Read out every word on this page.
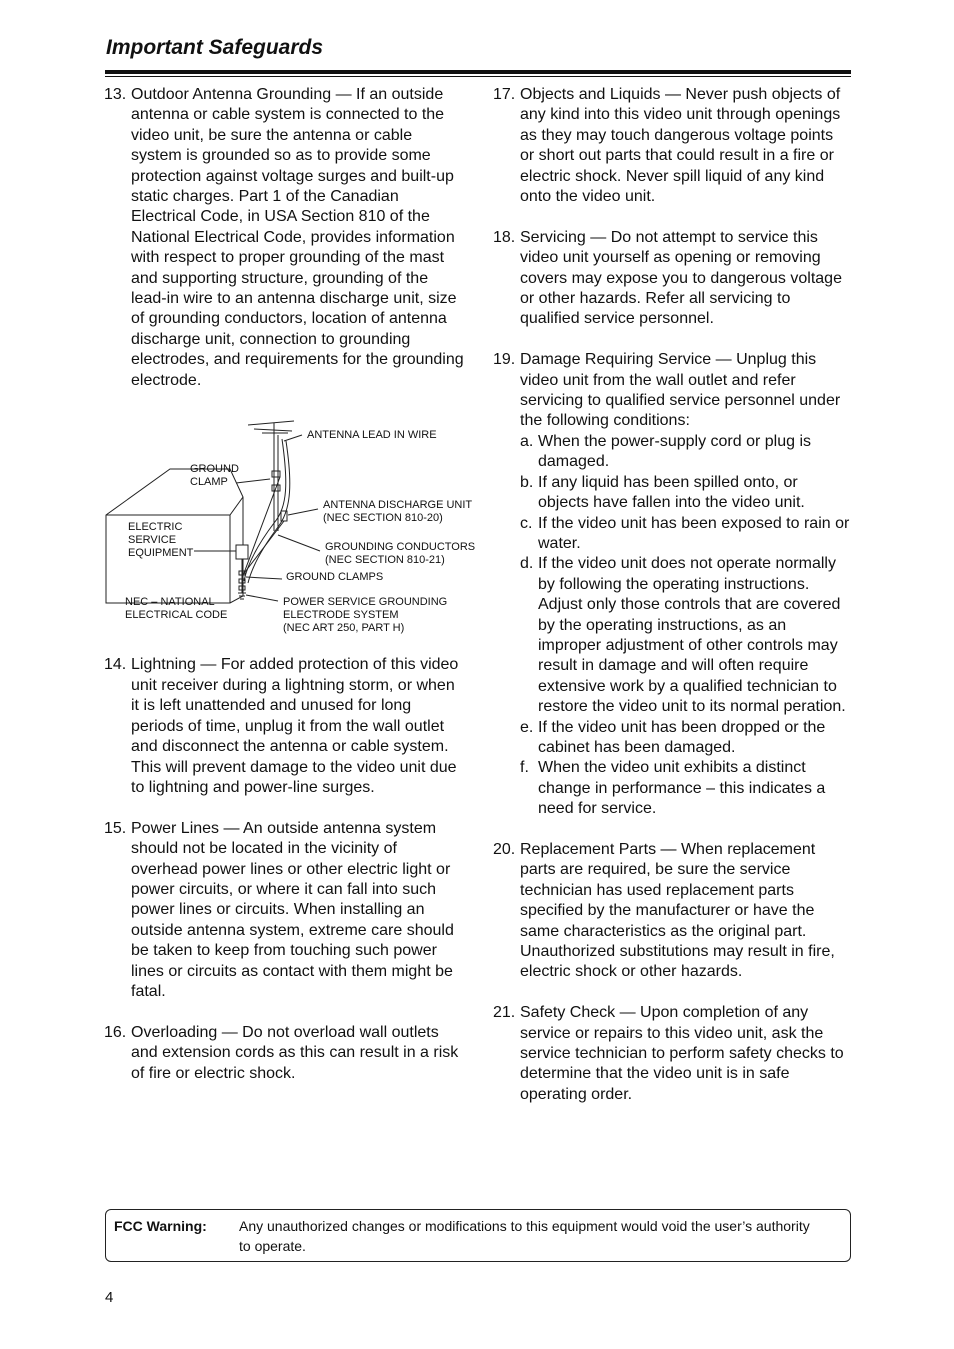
Important Safeguards
13. Outdoor Antenna Grounding — If an outside antenna or cable system is connected to the video unit, be sure the antenna or cable system is grounded so as to provide some protection against voltage surges and built-up static charges. Part 1 of the Canadian Electrical Code, in USA Section 810 of the National Electrical Code, provides information with respect to proper grounding of the mast and supporting structure, grounding of the lead-in wire to an antenna discharge unit, size of grounding conductors, location of antenna discharge unit, connection to grounding electrodes, and requirements for the grounding electrode.
ANTENNA LEAD IN WIRE
GROUND
CLAMP
ANTENNA DISCHARGE UNIT
(NEC SECTION 810-20)
ELECTRIC
SERVICE
EQUIPMENT	GROUNDING CONDUCTORS
(NEC SECTION 810-21)
GROUND CLAMPS
NEC – NATIONAL
ELECTRICAL CODE
POWER SERVICE GROUNDING
ELECTRODE SYSTEM
(NEC ART 250, PART H)
14. Lightning — For added protection of this video unit receiver during a lightning storm, or when it is left unattended and unused for long periods of time, unplug it from the wall outlet and disconnect the antenna or cable system. This will prevent damage to the video unit due to lightning and power-line surges.
15. Power Lines — An outside antenna system should not be located in the vicinity of overhead power lines or other electric light or power circuits, or where it can fall into such power lines or circuits. When installing an outside antenna system, extreme care should be taken to keep from touching such power lines or circuits as contact with them might be fatal.
16. Overloading — Do not overload wall outlets and extension cords as this can result in a risk of fire or electric shock.
17. Objects and Liquids — Never push objects of any kind into this video unit through openings as they may touch dangerous voltage points or short out parts that could result in a fire or electric shock. Never spill liquid of any kind onto the video unit.
18. Servicing — Do not attempt to service this video unit yourself as opening or removing covers may expose you to dangerous voltage or other hazards. Refer all servicing to qualified service personnel.
19. Damage Requiring Service — Unplug this video unit from the wall outlet and refer servicing to qualified service personnel under the following conditions:
a. When the power-supply cord or plug is damaged.
b. If any liquid has been spilled onto, or objects have fallen into the video unit.
c. If the video unit has been exposed to rain or water.
d. If the video unit does not operate normally by following the operating instructions. Adjust only those controls that are covered by the operating instructions, as an improper adjustment of other controls may result in damage and will often require extensive work by a qualified technician to restore the video unit to its normal peration.
e. If the video unit has been dropped or the cabinet has been damaged.
f. When the video unit exhibits a distinct change in performance – this indicates a need for service.
20. Replacement Parts — When replacement parts are required, be sure the service technician has used replacement parts specified by the manufacturer or have the same characteristics as the original part. Unauthorized substitutions may result in fire, electric shock or other hazards.
21. Safety Check — Upon completion of any service or repairs to this video unit, ask the service technician to perform safety checks to determine that the video unit is in safe operating order.
FCC Warning: Any unauthorized changes or modifications to this equipment would void the user’s authority to operate.
4
